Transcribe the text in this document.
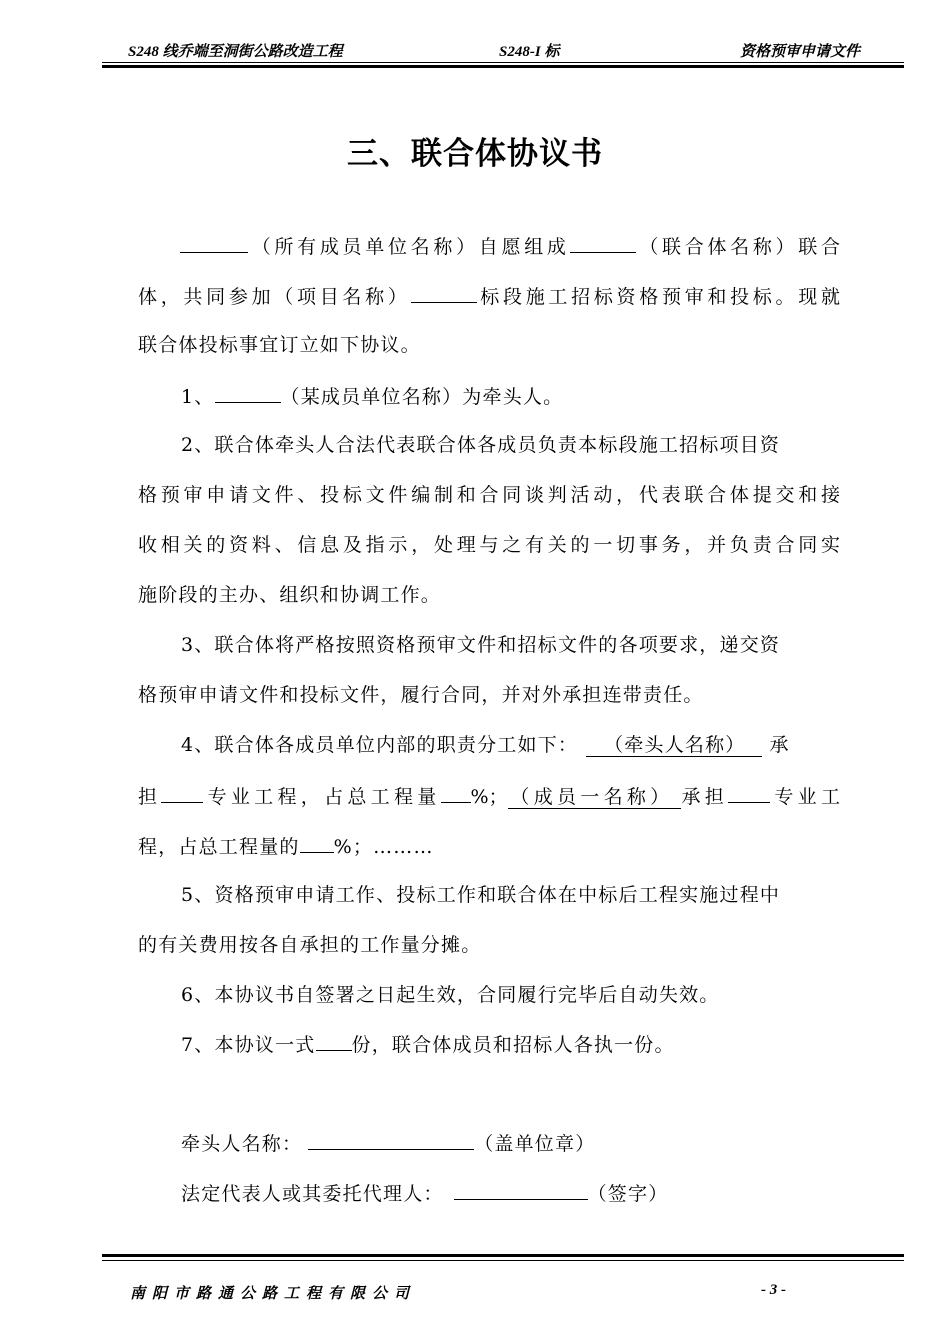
S248 线乔端至洞街公路改造工程	S248-I 标	资格预审申请文件
三、联合体协议书
（所有成员单位名称）自愿组成	（联合体名称）联合
体，共同参加（项目名称）	标段施工招标资格预审和投标。现就
联合体投标事宜订立如下协议。
1、	（某成员单位名称）为牵头人。
2、联合体牵头人合法代表联合体各成员负责本标段施工招标项目资
格预审申请文件、投标文件编制和合同谈判活动，代表联合体提交和接
收相关的资料、信息及指示，处理与之有关的一切事务，并负责合同实
施阶段的主办、组织和协调工作。
3、联合体将严格按照资格预审文件和招标文件的各项要求，递交资
格预审申请文件和投标文件，履行合同，并对外承担连带责任。
4、联合体各成员单位内部的职责分工如下： （牵头人名称） 承
担 专业工程，占总工程量 %； （成员一名称） 承担 专业工
程，占总工程量的 %；………
5、资格预审申请工作、投标工作和联合体在中标后工程实施过程中
的有关费用按各自承担的工作量分摊。
6、本协议书自签署之日起生效，合同履行完毕后自动失效。
7、本协议一式 份，联合体成员和招标人各执一份。
牵头人名称：	（盖单位章）
法定代表人或其委托代理人：	（签字）
南阳市路通公路工程有限公司	- 3 -
